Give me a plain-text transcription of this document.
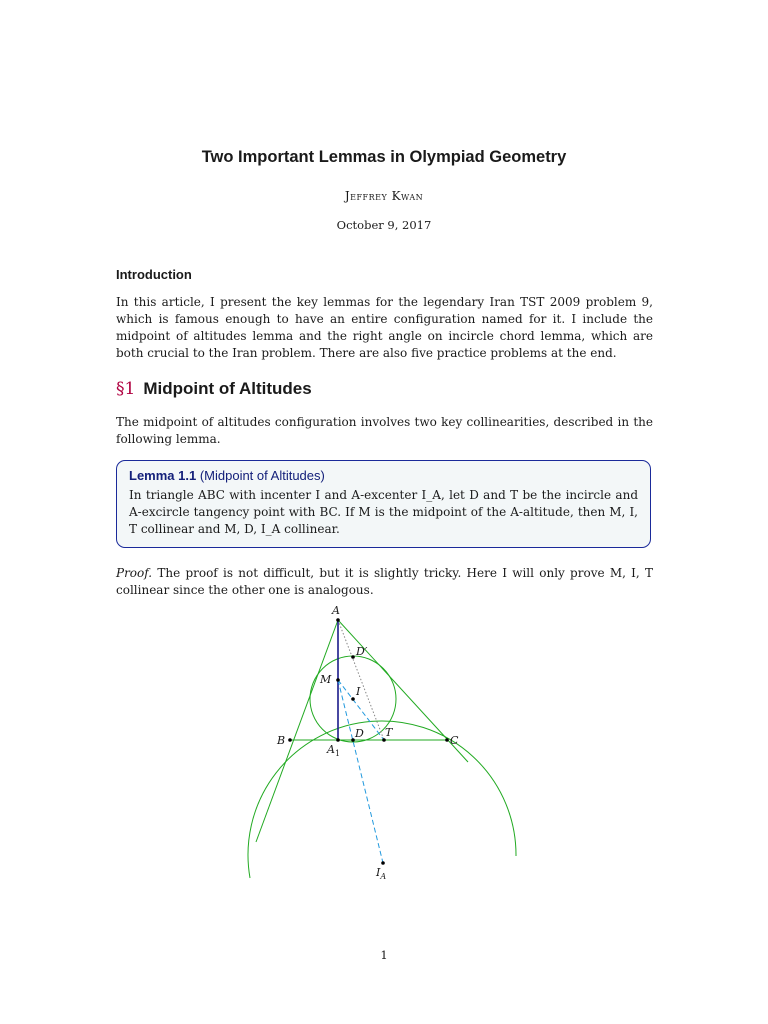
Two Important Lemmas in Olympiad Geometry
Jeffrey Kwan
October 9, 2017
Introduction

In this article, I present the key lemmas for the legendary Iran TST 2009 problem 9, which is famous enough to have an entire configuration named for it. I include the midpoint of altitudes lemma and the right angle on incircle chord lemma, which are both crucial to the Iran problem. There are also five practice problems at the end.

§1 Midpoint of Altitudes

The midpoint of altitudes configuration involves two key collinearities, described in the following lemma.

Lemma 1.1 (Midpoint of Altitudes)

In triangle ABC with incenter I and A-excenter I_A, let D and T be the incircle and A-excircle tangency point with BC. If M is the midpoint of the A-altitude, then M, I, T collinear and M, D, I_A collinear.

Proof. The proof is not difficult, but it is slightly tricky. Here I will only prove M, I, T collinear since the other one is analogous.

A
D′
M
I
B
D T
C
$A_1$
$I_A$
1
